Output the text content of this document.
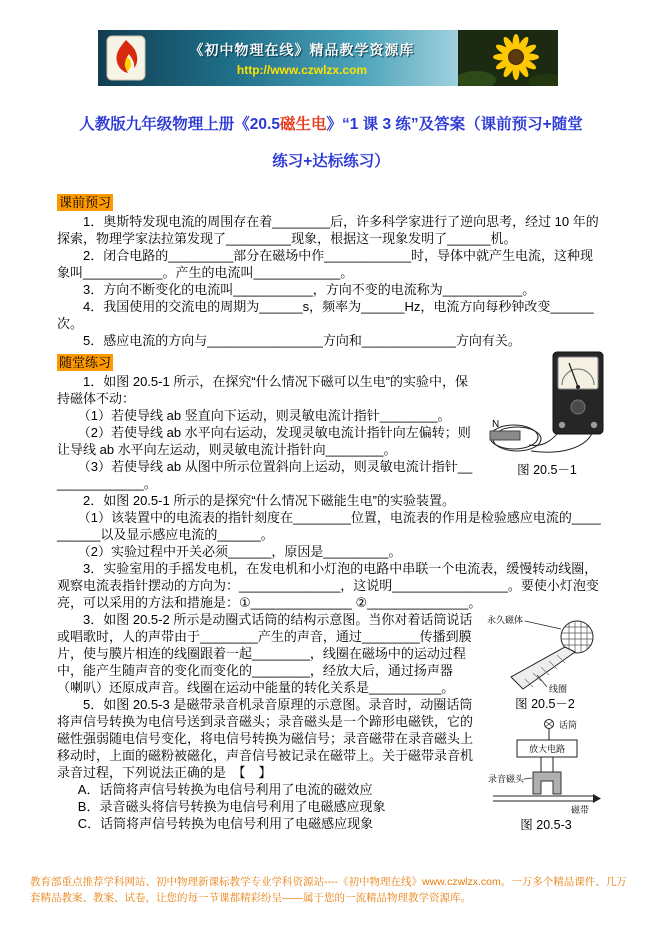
《初中物理在线》精品教学资源库
http://www.czwlzx.com
人教版九年级物理上册《20.5磁生电》“1 课 3 练”及答案（课前预习+随堂
练习+达标练习）
课前预习

1．奥斯特发现电流的周围存在着________后，许多科学家进行了逆向思考，经过 10 年的探索，物理学家法拉第发现了_________现象，根据这一现象发明了______机。

2．闭合电路的_________部分在磁场中作____________时，导体中就产生电流，这种现象叫___________。产生的电流叫____________。

3．方向不断变化的电流叫___________，方向不变的电流称为___________。

4．我国使用的交流电的周期为______s，频率为______Hz，电流方向每秒钟改变______次。

5．感应电流的方向与________________方向和_____________方向有关。

随堂练习
N
图 20.5－1

1．如图 20.5-1 所示，在探究“什么情况下磁可以生电”的实验中，保持磁体不动：

（1）若使导线 ab 竖直向下运动，则灵敏电流计指针________。

（2）若使导线 ab 水平向右运动，发现灵敏电流计指针向左偏转；则让导线 ab 水平向左运动，则灵敏电流计指针向________。

（3）若使导线 ab 从图中所示位置斜向上运动，则灵敏电流计指针______________。

2．如图 20.5-1 所示的是探究“什么情况下磁能生电”的实验装置。

（1）该装置中的电流表的指针刻度在________位置，电流表的作用是检验感应电流的__________以及显示感应电流的______。

（2）实验过程中开关必须______，原因是_________。

3．实验室用的手摇发电机，在发电机和小灯泡的电路中串联一个电流表，缓慢转动线圈，观察电流表指针摆动的方向为：______________，这说明________________。要使小灯泡变亮，可以采用的方法和措施是：①______________ ②______________。

永久磁体
线圈
图 20.5－2

3．如图 20.5-2 所示是动圈式话筒的结构示意图。当你对着话筒说话或唱歌时，人的声带由于________产生的声音，通过________传播到膜片，使与膜片相连的线圈跟着一起________，线圈在磁场中的运动过程中，能产生随声音的变化而变化的________，经放大后，通过扬声器（喇叭）还原成声音。线圈在运动中能量的转化关系是__________。

话筒
放大电路
录音磁头
磁带
图 20.5-3

5．如图 20.5-3 是磁带录音机录音原理的示意图。录音时，动圈话筒将声信号转换为电信号送到录音磁头；录音磁头是一个蹄形电磁铁，它的磁性强弱随电信号变化，将电信号转换为磁信号；录音磁带在录音磁头上移动时，上面的磁粉被磁化，声音信号被记录在磁带上。关于磁带录音机录音过程，下列说法正确的是　【　】

A．话筒将声信号转换为电信号利用了电流的磁效应

B．录音磁头将信号转换为电信号利用了电磁感应现象

C．话筒将声信号转换为电信号利用了电磁感应现象

教育部重点推荐学科网站、初中物理新课标教学专业学科资源站----《初中物理在线》www.czwlzx.com。一万多个精品课件、几万套精品教案、教案、试卷，让您的每一节课都精彩纷呈——属于您的一流精品物理教学资源库。
